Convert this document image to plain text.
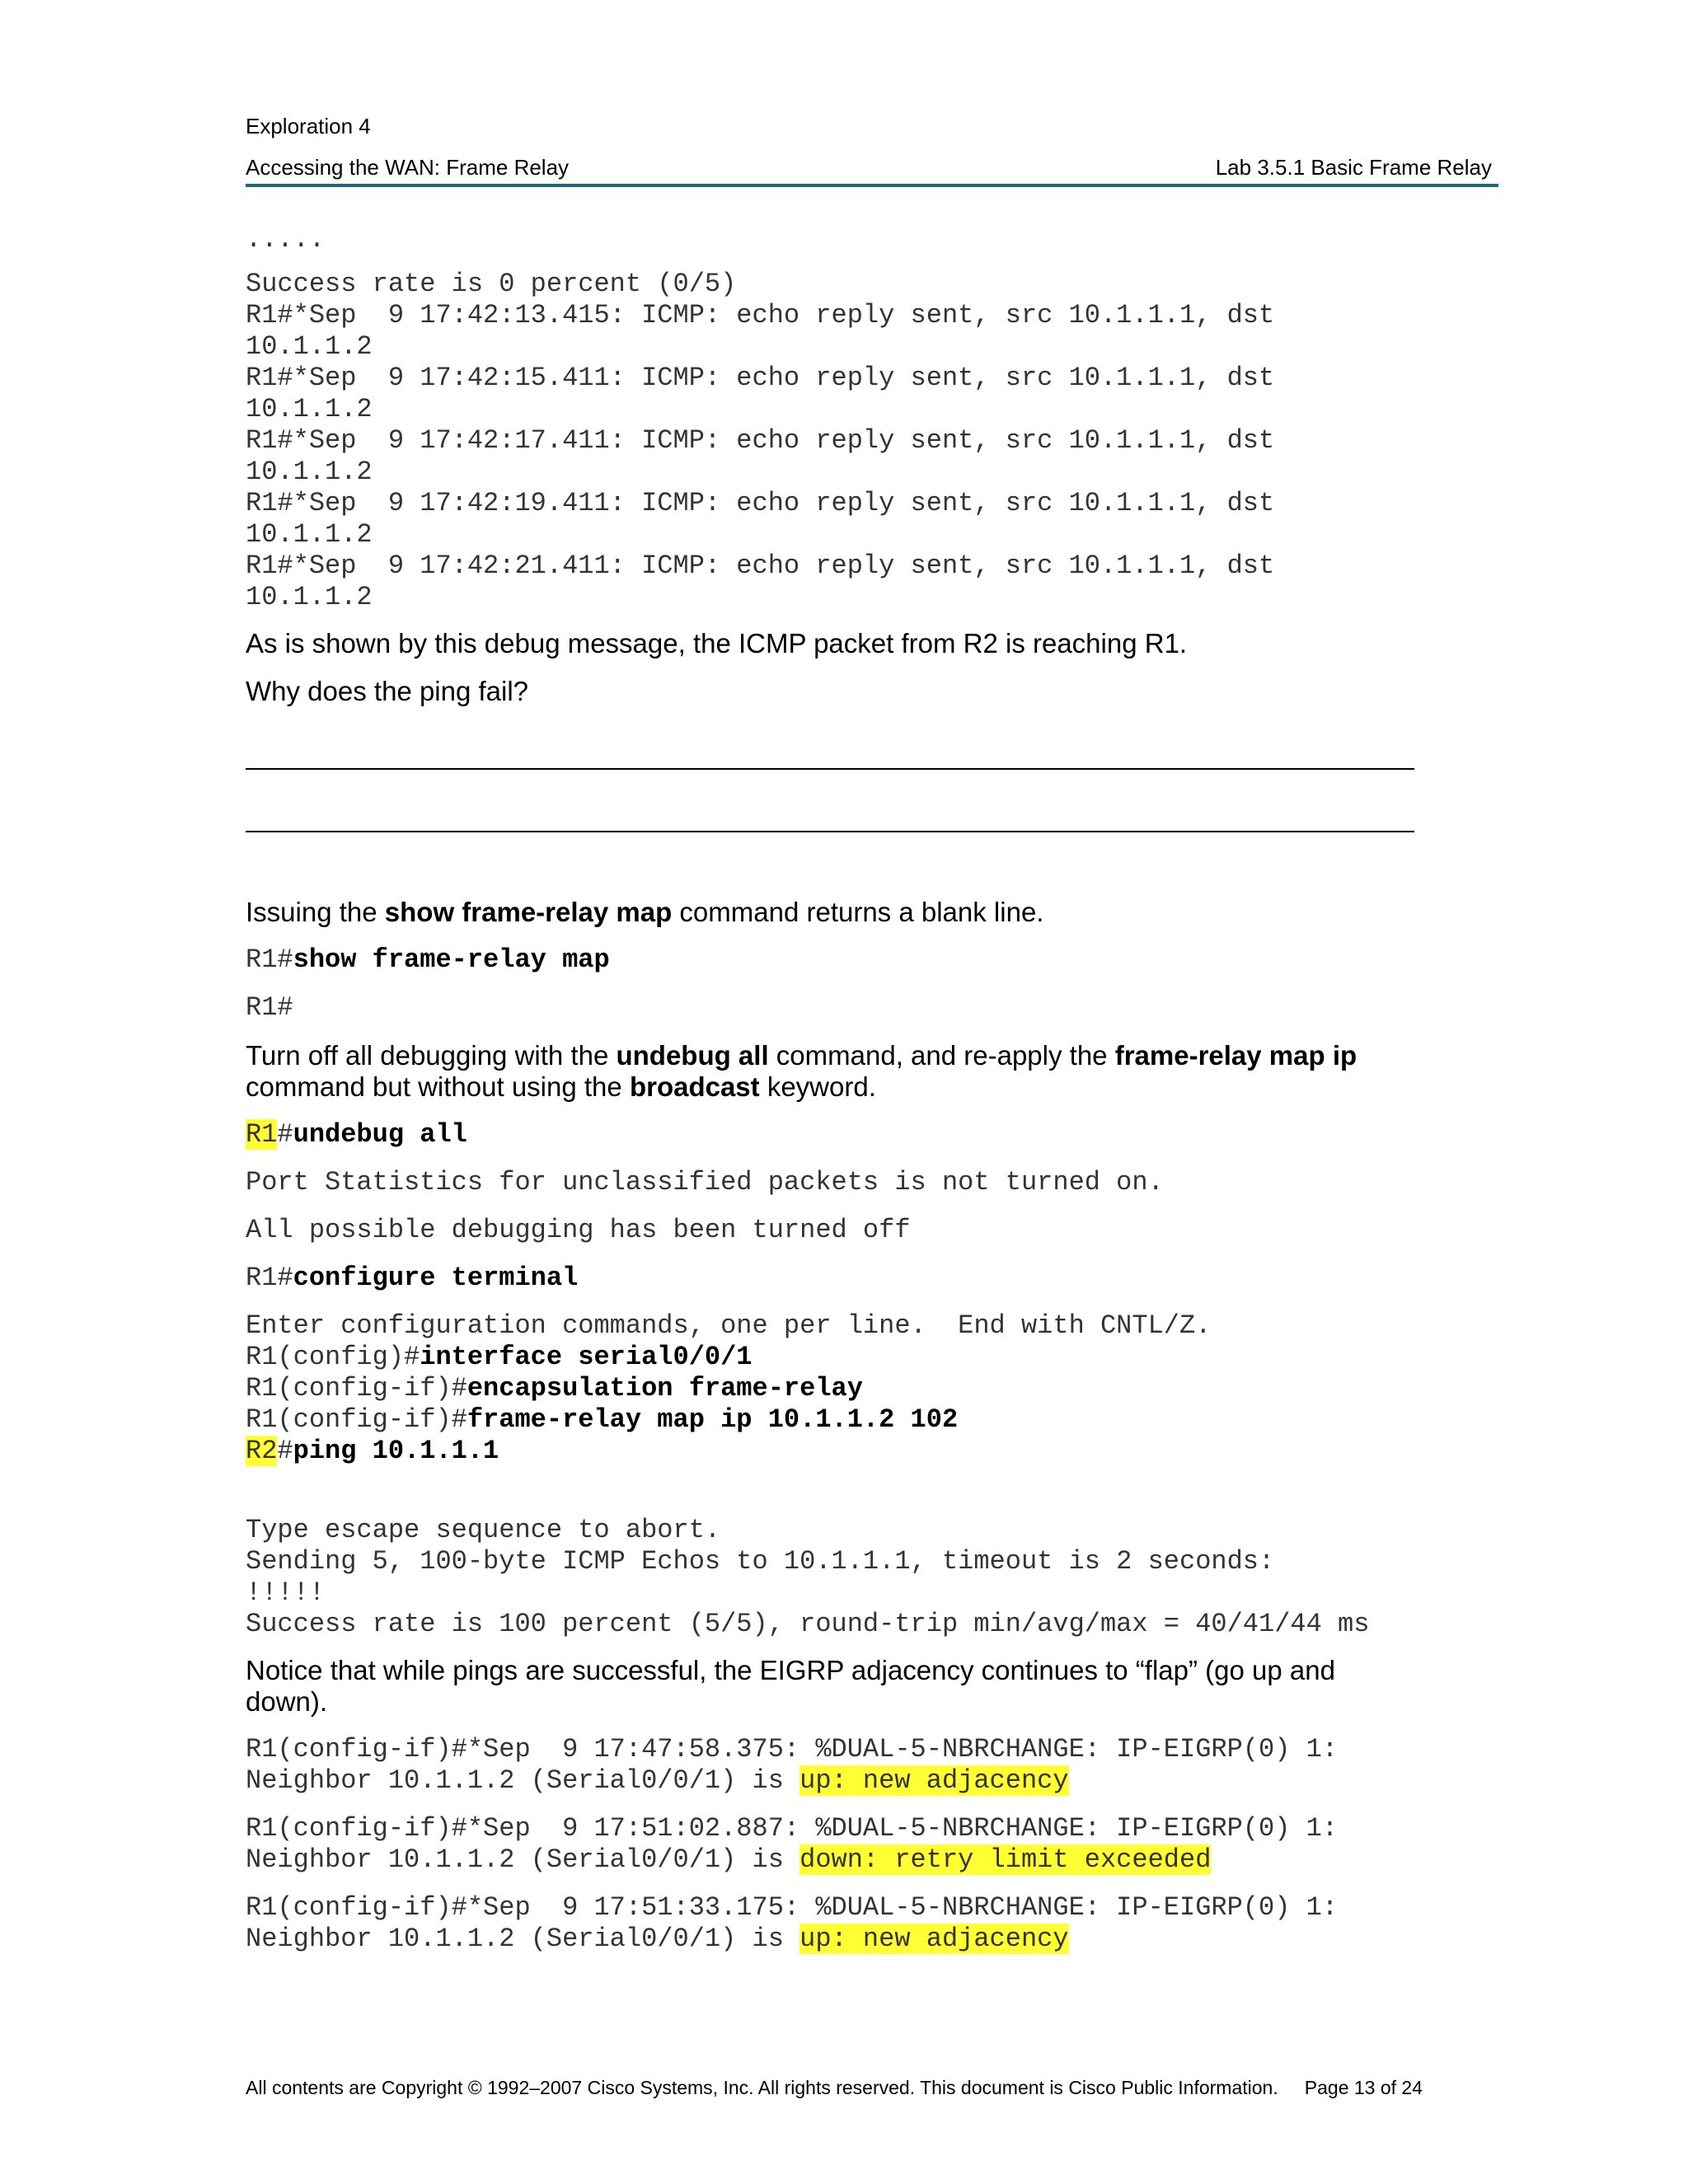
Exploration 4
Accessing the WAN: Frame Relay	Lab 3.5.1 Basic Frame Relay
.....
Success rate is 0 percent (0/5)
R1#*Sep  9 17:42:13.415: ICMP: echo reply sent, src 10.1.1.1, dst
10.1.1.2
R1#*Sep  9 17:42:15.411: ICMP: echo reply sent, src 10.1.1.1, dst
10.1.1.2
R1#*Sep  9 17:42:17.411: ICMP: echo reply sent, src 10.1.1.1, dst
10.1.1.2
R1#*Sep  9 17:42:19.411: ICMP: echo reply sent, src 10.1.1.1, dst
10.1.1.2
R1#*Sep  9 17:42:21.411: ICMP: echo reply sent, src 10.1.1.1, dst
10.1.1.2
As is shown by this debug message, the ICMP packet from R2 is reaching R1.
Why does the ping fail?
Issuing the show frame-relay map command returns a blank line.
R1#show frame-relay map
R1#
Turn off all debugging with the undebug all command, and re-apply the frame-relay map ip
command but without using the broadcast keyword.
R1#undebug all
Port Statistics for unclassified packets is not turned on.
All possible debugging has been turned off
R1#configure terminal
Enter configuration commands, one per line.  End with CNTL/Z.
R1(config)#interface serial0/0/1
R1(config-if)#encapsulation frame-relay
R1(config-if)#frame-relay map ip 10.1.1.2 102
R2#ping 10.1.1.1
Type escape sequence to abort.
Sending 5, 100-byte ICMP Echos to 10.1.1.1, timeout is 2 seconds:
!!!!!
Success rate is 100 percent (5/5), round-trip min/avg/max = 40/41/44 ms
Notice that while pings are successful, the EIGRP adjacency continues to “flap” (go up and down).
R1(config-if)#*Sep  9 17:47:58.375: %DUAL-5-NBRCHANGE: IP-EIGRP(0) 1:
Neighbor 10.1.1.2 (Serial0/0/1) is up: new adjacency
R1(config-if)#*Sep  9 17:51:02.887: %DUAL-5-NBRCHANGE: IP-EIGRP(0) 1:
Neighbor 10.1.1.2 (Serial0/0/1) is down: retry limit exceeded
R1(config-if)#*Sep  9 17:51:33.175: %DUAL-5-NBRCHANGE: IP-EIGRP(0) 1:
Neighbor 10.1.1.2 (Serial0/0/1) is up: new adjacency
All contents are Copyright © 1992–2007 Cisco Systems, Inc. All rights reserved. This document is Cisco Public Information. Page 13 of 24
